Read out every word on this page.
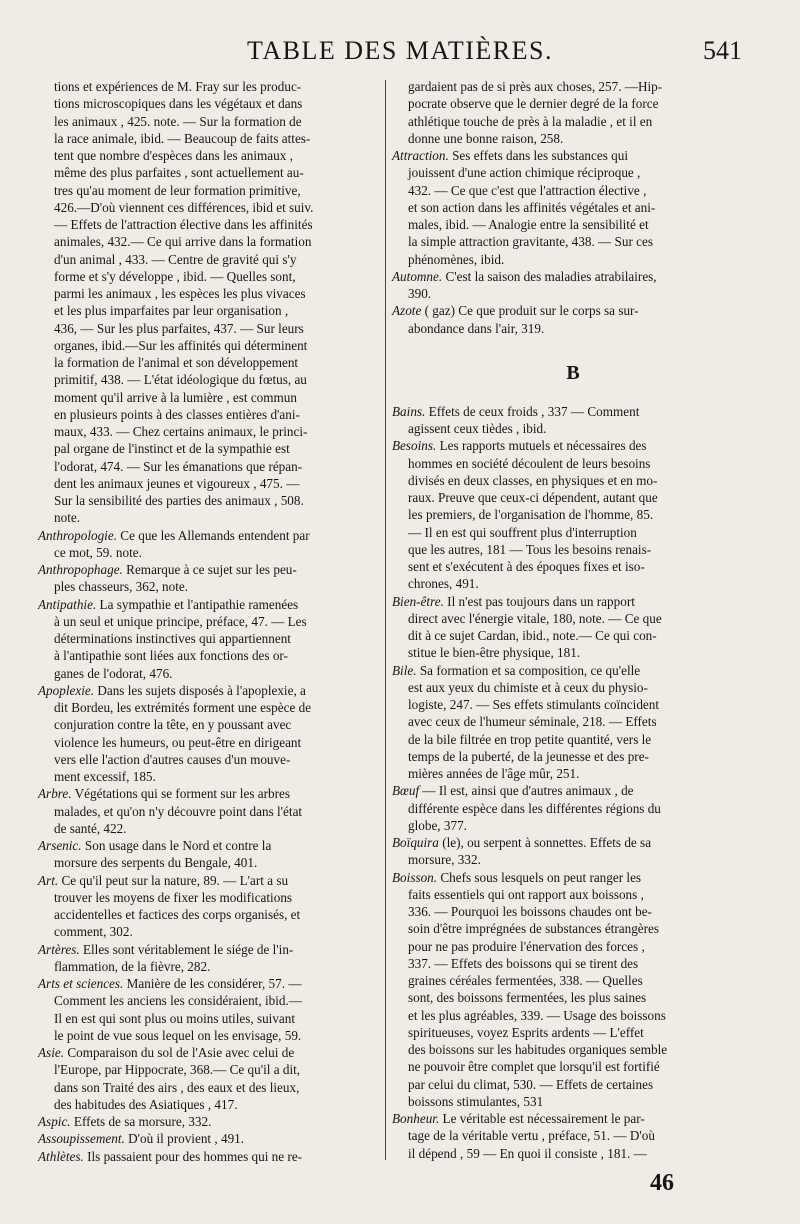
TABLE DES MATIÈRES.	541
tions et expériences de M. Fray sur les produc-
tions microscopiques dans les végétaux et dans
les animaux , 425. note. — Sur la formation de
la race animale, ibid. — Beaucoup de faits attes-
tent que nombre d'espèces dans les animaux ,
même des plus parfaites , sont actuellement au-
tres qu'au moment de leur formation primitive,
426.—D'où viennent ces différences, ibid et suiv.
— Effets de l'attraction élective dans les affinités
animales, 432.— Ce qui arrive dans la formation
d'un animal , 433. — Centre de gravité qui s'y
forme et s'y développe , ibid. — Quelles sont,
parmi les animaux , les espèces les plus vivaces
et les plus imparfaites par leur organisation ,
436, — Sur les plus parfaites, 437. — Sur leurs
organes, ibid.—Sur les affinités qui déterminent
la formation de l'animal et son développement
primitif, 438. — L'état idéologique du fœtus, au
moment qu'il arrive à la lumière , est commun
en plusieurs points à des classes entières d'ani-
maux, 433. — Chez certains animaux, le princi-
pal organe de l'instinct et de la sympathie est
l'odorat, 474. — Sur les émanations que répan-
dent les animaux jeunes et vigoureux , 475. —
Sur la sensibilité des parties des animaux , 508.
note.
Anthropologie. Ce que les Allemands entendent par
ce mot, 59. note.
Anthropophage. Remarque à ce sujet sur les peu-
ples chasseurs, 362, note.
Antipathie. La sympathie et l'antipathie ramenées
à un seul et unique principe, préface, 47. — Les
déterminations instinctives qui appartiennent
à l'antipathie sont liées aux fonctions des or-
ganes de l'odorat, 476.
Apoplexie. Dans les sujets disposés à l'apoplexie, a
dit Bordeu, les extrémités forment une espèce de
conjuration contre la tête, en y poussant avec
violence les humeurs, ou peut-être en dirigeant
vers elle l'action d'autres causes d'un mouve-
ment excessif, 185.
Arbre. Végétations qui se forment sur les arbres
malades, et qu'on n'y découvre point dans l'état
de santé, 422.
Arsenic. Son usage dans le Nord et contre la
morsure des serpents du Bengale, 401.
Art. Ce qu'il peut sur la nature, 89. — L'art a su
trouver les moyens de fixer les modifications
accidentelles et factices des corps organisés, et
comment, 302.
Artères. Elles sont véritablement le siége de l'in-
flammation, de la fièvre, 282.
Arts et sciences. Manière de les considérer, 57. —
Comment les anciens les considéraient, ibid.—
Il en est qui sont plus ou moins utiles, suivant
le point de vue sous lequel on les envisage, 59.
Asie. Comparaison du sol de l'Asie avec celui de
l'Europe, par Hippocrate, 368.— Ce qu'il a dit,
dans son Traité des airs , des eaux et des lieux,
des habitudes des Asiatiques , 417.
Aspic. Effets de sa morsure, 332.
Assoupissement. D'où il provient , 491.
Athlètes. Ils passaient pour des hommes qui ne re-
gardaient pas de si près aux choses, 257. —Hip-
pocrate observe que le dernier degré de la force
athlétique touche de près à la maladie , et il en
donne une bonne raison, 258.
Attraction. Ses effets dans les substances qui
jouissent d'une action chimique réciproque ,
432. — Ce que c'est que l'attraction élective ,
et son action dans les affinités végétales et ani-
males, ibid. — Analogie entre la sensibilité et
la simple attraction gravitante, 438. — Sur ces
phénomènes, ibid.
Automne. C'est la saison des maladies atrabilaires,
390.
Azote ( gaz) Ce que produit sur le corps sa sur-
abondance dans l'air, 319.
B
Bains. Effets de ceux froids , 337 — Comment
agissent ceux tièdes , ibid.
Besoins. Les rapports mutuels et nécessaires des
hommes en société découlent de leurs besoins
divisés en deux classes, en physiques et en mo-
raux. Preuve que ceux-ci dépendent, autant que
les premiers, de l'organisation de l'homme, 85.
— Il en est qui souffrent plus d'interruption
que les autres, 181 — Tous les besoins renais-
sent et s'exécutent à des époques fixes et iso-
chrones, 491.
Bien-être. Il n'est pas toujours dans un rapport
direct avec l'énergie vitale, 180, note. — Ce que
dit à ce sujet Cardan, ibid., note.— Ce qui con-
stitue le bien-être physique, 181.
Bile. Sa formation et sa composition, ce qu'elle
est aux yeux du chimiste et à ceux du physio-
logiste, 247. — Ses effets stimulants coïncident
avec ceux de l'humeur séminale, 218. — Effets
de la bile filtrée en trop petite quantité, vers le
temps de la puberté, de la jeunesse et des pre-
mières années de l'âge mûr, 251.
Bœuf — Il est, ainsi que d'autres animaux , de
différente espèce dans les différentes régions du
globe, 377.
Boïquira (le), ou serpent à sonnettes. Effets de sa
morsure, 332.
Boisson. Chefs sous lesquels on peut ranger les
faits essentiels qui ont rapport aux boissons ,
336. — Pourquoi les boissons chaudes ont be-
soin d'être imprégnées de substances étrangères
pour ne pas produire l'énervation des forces ,
337. — Effets des boissons qui se tirent des
graines céréales fermentées, 338. — Quelles
sont, des boissons fermentées, les plus saines
et les plus agréables, 339. — Usage des boissons
spiritueuses, voyez Esprits ardents — L'effet
des boissons sur les habitudes organiques semble
ne pouvoir être complet que lorsqu'il est fortifié
par celui du climat, 530. — Effets de certaines
boissons stimulantes, 531
Bonheur. Le véritable est nécessairement le par-
tage de la véritable vertu , préface, 51. — D'où
il dépend , 59 — En quoi il consiste , 181. —
46
